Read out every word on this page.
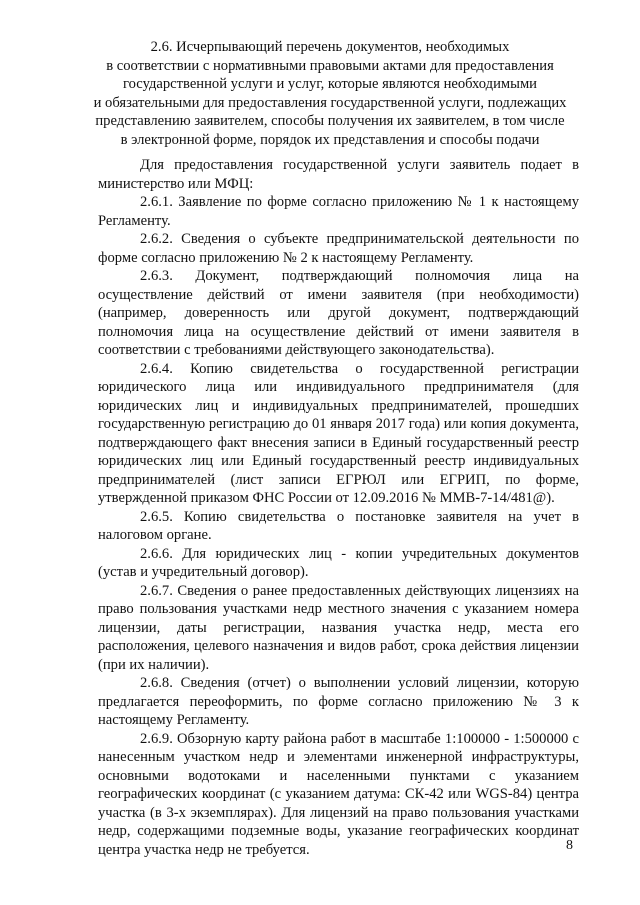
2.6. Исчерпывающий перечень документов, необходимых
в соответствии с нормативными правовыми актами для предоставления
государственной услуги и услуг, которые являются необходимыми
и обязательными для предоставления государственной услуги, подлежащих
представлению заявителем, способы получения их заявителем, в том числе
в электронной форме, порядок их представления и способы подачи

Для предоставления государственной услуги заявитель подает в министерство или МФЦ:

2.6.1. Заявление по форме согласно приложению № 1 к настоящему Регламенту.

2.6.2. Сведения о субъекте предпринимательской деятельности по форме согласно приложению № 2 к настоящему Регламенту.

2.6.3. Документ, подтверждающий полномочия лица на осуществление действий от имени заявителя (при необходимости) (например, доверенность или другой документ, подтверждающий полномочия лица на осуществление действий от имени заявителя в соответствии с требованиями действующего законодательства).

2.6.4. Копию свидетельства о государственной регистрации юридического лица или индивидуального предпринимателя (для юридических лиц и индивидуальных предпринимателей, прошедших государственную регистрацию до 01 января 2017 года) или копия документа, подтверждающего факт внесения записи в Единый государственный реестр юридических лиц или Единый государственный реестр индивидуальных предпринимателей (лист записи ЕГРЮЛ или ЕГРИП, по форме, утвержденной приказом ФНС России от 12.09.2016 № ММВ-7-14/481@).

2.6.5. Копию свидетельства о постановке заявителя на учет в налоговом органе.

2.6.6. Для юридических лиц - копии учредительных документов (устав и учредительный договор).

2.6.7. Сведения о ранее предоставленных действующих лицензиях на право пользования участками недр местного значения с указанием номера лицензии, даты регистрации, названия участка недр, места его расположения, целевого назначения и видов работ, срока действия лицензии (при их наличии).

2.6.8. Сведения (отчет) о выполнении условий лицензии, которую предлагается переоформить, по форме согласно приложению № 3 к настоящему Регламенту.

2.6.9. Обзорную карту района работ в масштабе 1:100000 - 1:500000 с нанесенным участком недр и элементами инженерной инфраструктуры, основными водотоками и населенными пунктами с указанием географических координат (с указанием датума: СК-42 или WGS-84) центра участка (в 3-х экземплярах). Для лицензий на право пользования участками недр, содержащими подземные воды, указание географических координат центра участка недр не требуется.	8
